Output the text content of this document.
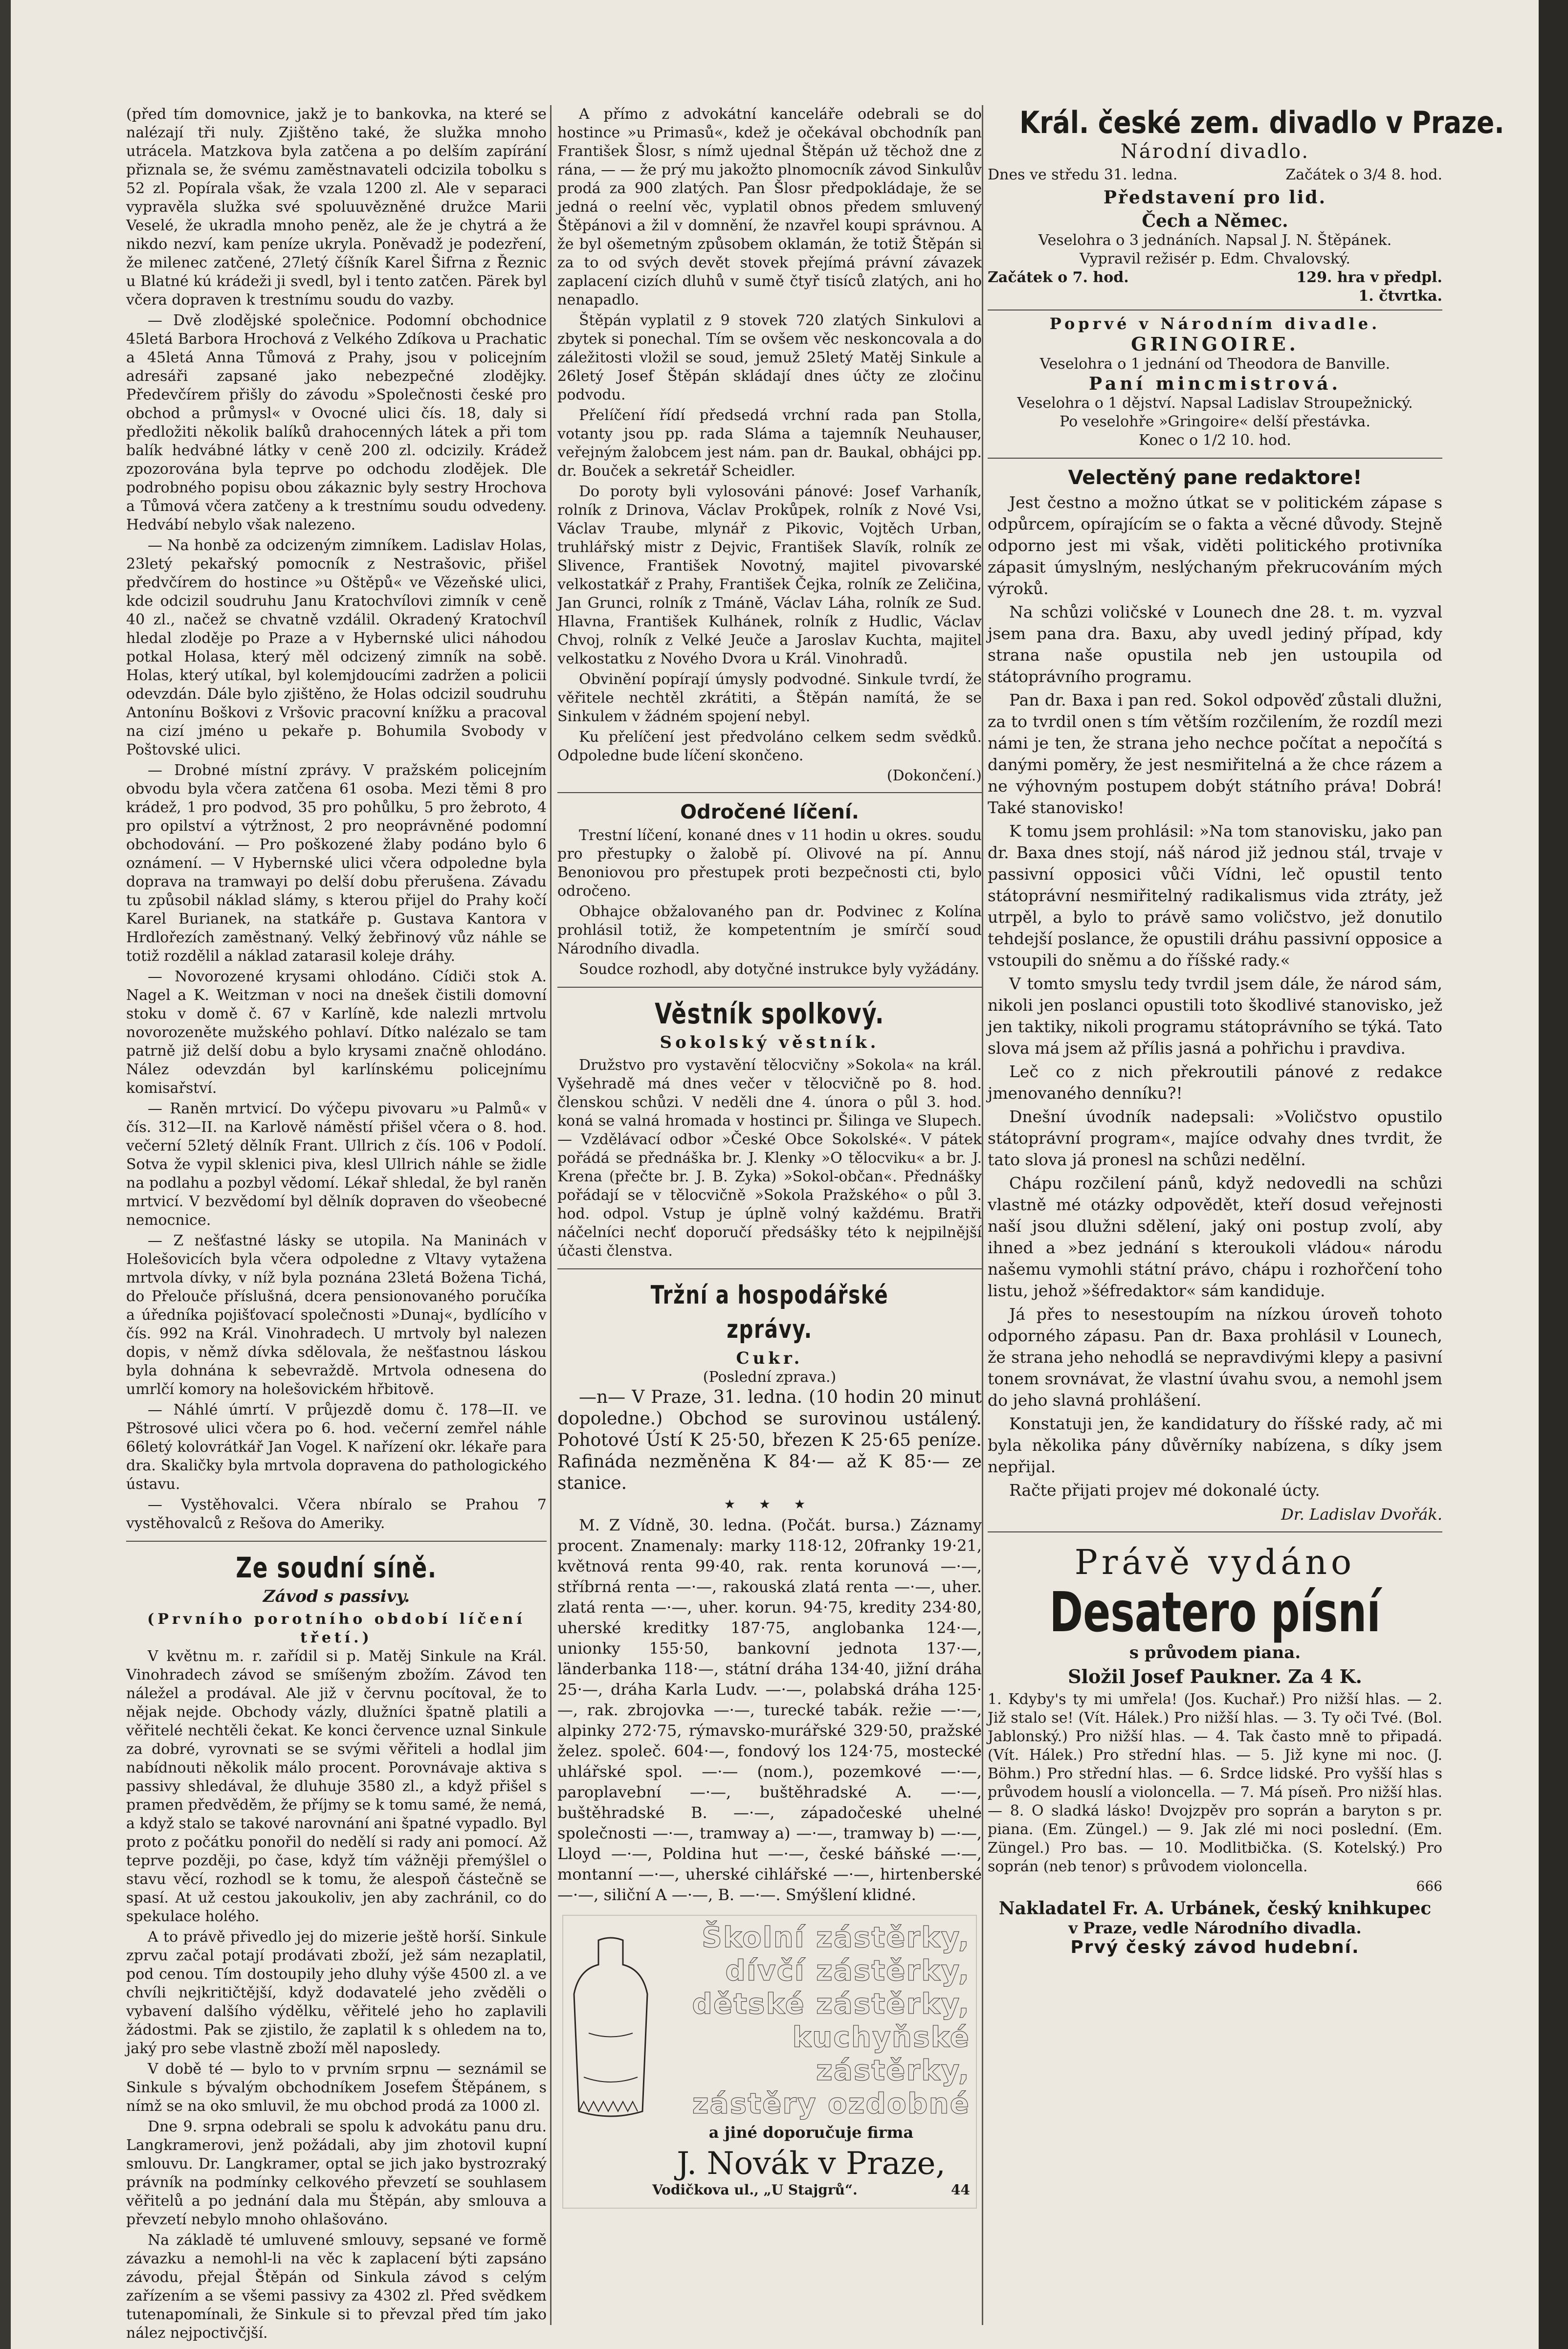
(před tím domovnice, jakž je to bankovka, na které se nalézají tři nuly. Zjištěno také, že služka mnoho utrácela. Matzkova byla zatčena a po delším zapírání přiznala se, že svému zaměstnavateli odcizila tobolku s 52 zl. Popírala však, že vzala 1200 zl. Ale v separaci vypravěla služka své spoluuvězněné družce Marii Veselé, že ukradla mnoho peněz, ale že je chytrá a že nikdo nezví, kam peníze ukryla. Poněvadž je podezření, že milenec zatčené, 27letý číšník Karel Šifrna z Řeznic u Blatné kú krádeži ji svedl, byl i tento zatčen. Pärek byl včera dopraven k trestnímu soudu do vazby.

— Dvě zlodějské společnice. Podomní obchodnice 45letá Barbora Hrochová z Velkého Zdíkova u Prachatic a 45letá Anna Tůmová z Prahy, jsou v policejním adresáři zapsané jako nebezpečné zlodějky. Předevčírem přišly do závodu »Společnosti české pro obchod a průmysl« v Ovocné ulici čís. 18, daly si předložiti několik balíků drahocenných látek a při tom balík hedvábné látky v ceně 200 zl. odcizily. Krádež zpozorována byla teprve po odchodu zlodějek. Dle podrobného popisu obou zákaznic byly sestry Hrochova a Tůmová včera zatčeny a k trestnímu soudu odvedeny. Hedvábí nebylo však nalezeno.

— Na honbě za odcizeným zimníkem. Ladislav Holas, 23letý pekařský pomocník z Nestrašovic, přišel předvčírem do hostince »u Oštěpů« ve Vězeňské ulici, kde odcizil soudruhu Janu Kratochvílovi zimník v ceně 40 zl., načež se chvatně vzdálil. Okradený Kratochvíl hledal zloděje po Praze a v Hybernské ulici náhodou potkal Holasa, který měl odcizený zimník na sobě. Holas, který utíkal, byl kolemjdoucími zadržen a policii odevzdán. Dále bylo zjištěno, že Holas odcizil soudruhu Antonínu Boškovi z Vršovic pracovní knížku a pracoval na cizí jméno u pekaře p. Bohumila Svobody v Poštovské ulici.

— Drobné místní zprávy. V pražském policejním obvodu byla včera zatčena 61 osoba. Mezi těmi 8 pro krádež, 1 pro podvod, 35 pro pohůlku, 5 pro žebroto, 4 pro opilství a výtržnost, 2 pro neoprávněné podomní obchodování. — Pro poškozené žlaby podáno bylo 6 oznámení. — V Hybernské ulici včera odpoledne byla doprava na tramwayi po delší dobu přerušena. Závadu tu způsobil náklad slámy, s kterou přijel do Prahy kočí Karel Burianek, na statkáře p. Gustava Kantora v Hrdlořezích zaměstnaný. Velký žebřinový vůz náhle se totiž rozdělil a náklad zatarasil koleje dráhy.

— Novorozené krysami ohlodáno. Cídiči stok A. Nagel a K. Weitzman v noci na dnešek čistili domovní stoku v domě č. 67 v Karlíně, kde nalezli mrtvolu novorozeněte mužského pohlaví. Dítko nalézalo se tam patrně již delší dobu a bylo krysami značně ohlodáno. Nález odevzdán byl karlínskému policejnímu komisařství.

— Raněn mrtvicí. Do výčepu pivovaru »u Palmů« v čís. 312—II. na Karlově náměstí přišel včera o 8. hod. večerní 52letý dělník Frant. Ullrich z čís. 106 v Podolí. Sotva že vypil sklenici piva, klesl Ullrich náhle se židle na podlahu a pozbyl vědomí. Lékař shledal, že byl raněn mrtvicí. V bezvědomí byl dělník dopraven do všeobecné nemocnice.

— Z nešťastné lásky se utopila. Na Maninách v Holešovicích byla včera odpoledne z Vltavy vytažena mrtvola dívky, v níž byla poznána 23letá Božena Tichá, do Přeloučе příslušná, dcera pensionovaného poručíka a úředníka pojišťovací společnosti »Dunaj«, bydlícího v čís. 992 na Král. Vinohradech. U mrtvoly byl nalezen dopis, v němž dívka sdělovala, že nešťastnou láskou byla dohnána k sebevraždě. Mrtvola odnesena do umrlčí komory na holešovickém hřbitově.

— Náhlé úmrtí. V průjezdě domu č. 178—II. ve Pštrosové ulici včera po 6. hod. večerní zemřel náhle 66letý kolovrátkář Jan Vogel. K nařízení okr. lékaře para dra. Skaličky byla mrtvola dopravena do pathologického ústavu.

— Vystěhovalci. Včera nbíralo se Prahou 7 vystěhovalců z Rešova do Ameriky.

Ze soudní síně.
Závod s passivy.
(Prvního porotního období líčení třetí.)

V květnu m. r. zařídil si p. Matěj Sinkule na Král. Vinohradech závod se smíšeným zbožím. Závod ten náležel a prodával. Ale již v červnu pocítoval, že to nějak nejde. Obchody vázly, dlužníci špatně platili a věřitelé nechtěli čekat. Ke konci července uznal Sinkule za dobré, vyrovnati se se svými věřiteli a hodlal jim nabídnouti několik málo procent. Porovnávaje aktiva s passivy shledával, že dluhuje 3580 zl., a když přišel s pramen předvěděm, že příjmy se k tomu samé, že nemá, a když stalo se takové narovnání ani špatné vypadlo. Byl proto z počátku ponořil do nedělí si rady ani pomocí. Až teprve později, po čase, když tím vážněji přemýšlel o stavu věcí, rozhodl se k tomu, že alespoň částečně se spasí. At už cestou jakoukoliv, jen aby zachránil, co do spekulace holého.

A to právě přivedlo jej do mizerie ještě horší. Sinkule zprvu začal potají prodávati zboží, jež sám nezaplatil, pod cenou. Tím dostoupily jeho dluhy výše 4500 zl. a ve chvíli nejkritičtější, když dodavatelé jeho zvěděli o vybavení dalšího výdělku, věřitelé jeho ho zaplavili žádostmi. Pak se zjistilo, že zaplatil k s ohledem na to, jaký pro sebe vlastně zboží měl naposledy.

V době té — bylo to v prvním srpnu — seznámil se Sinkule s bývalým obchodníkem Josefem Štěpánem, s nímž se na oko smluvil, že mu obchod prodá za 1000 zl.

Dne 9. srpna odebrali se spolu k advokátu panu dru. Langkramerovi, jenž požádali, aby jim zhotovil kupní smlouvu. Dr. Langkramer, optal se jich jako bystrozraký právník na podmínky celkového převzetí se souhlasem věřitelů a po jednání dala mu Štěpán, aby smlouva a převzetí nebylo mnoho ohlašováno.

Na základě té umluvené smlouvy, sepsané ve formě závazku a nemohl-li na věc k zaplacení býti zapsáno závodu, přejal Štěpán od Sinkula závod s celým zařízením a se všemi passivy za 4302 zl. Před svědkem tutenapomínali, že Sinkule si to převzal před tím jako nález nejpoctivčjší.

A přímo z advokátní kanceláře odebrali se do hostince »u Primasů«, kdež je očekával obchodník pan František Šlosr, s nímž ujednal Štěpán už těchož dne z rána, — — že prý mu jakožto plnomocník závod Sinkulův prodá za 900 zlatých. Pan Šlosr předpokládaje, že se jedná o reelní věc, vyplatil obnos předem smluvený Štěpánovi a žil v domnění, že nzavřel koupi správnou. A že byl ošemetným způsobem oklamán, že totiž Štěpán si za to od svých devět stovek přejímá právní závazek zaplacení cizích dluhů v sumě čtyř tisíců zlatých, ani ho nenapadlo.

Štěpán vyplatil z 9 stovek 720 zlatých Sinkulovi a zbytek si ponechal. Tím se ovšem věc neskoncovala a do záležitosti vložil se soud, jemuž 25letý Matěj Sinkule a 26letý Josef Štěpán skládají dnes účty ze zločinu podvodu.

Přelíčení řídí předsedá vrchní rada pan Stolla, votanty jsou pp. rada Sláma a tajemník Neuhauser, veřejným žalobcem jest nám. pan dr. Baukal, obhájci pp. dr. Bouček a sekretář Scheidler.

Do poroty byli vylosováni pánové: Josef Varhaník, rolník z Drinova, Václav Prokůpek, rolník z Nové Vsi, Václav Traube, mlynář z Pikovic, Vojtěch Urban, truhlářský mistr z Dejvic, František Slavík, rolník ze Slivence, František Novotný, majitel pivovarské velkostatkář z Prahy, František Čejka, rolník ze Zeličina, Jan Grunci, rolník z Tmáně, Václav Láha, rolník ze Sud. Hlavna, František Kulhánek, rolník z Hudlic, Václav Chvoj, rolník z Velké Jeuče a Jaroslav Kuchta, majitel velkostatku z Nového Dvora u Král. Vinohradů.

Obvinění popírají úmysly podvodné. Sinkule tvrdí, že věřitele nechtěl zkrátiti, a Štěpán namítá, že se Sinkulem v žádném spojení nebyl.

Ku přelíčení jest předvoláno celkem sedm svědků. Odpoledne bude líčení skončeno.

(Dokončení.)
Odročené líčení.

Trestní líčení, konané dnes v 11 hodin u okres. soudu pro přestupky o žalobě pí. Olivové na pí. Annu Benoniovou pro přestupek proti bezpečnosti cti, bylo odročeno.

Obhajce obžalovaného pan dr. Podvinec z Kolína prohlásil totiž, že kompetentním je smírčí soud Národního divadla.

Soudce rozhodl, aby dotyčné instrukce byly vyžádány.

Věstník spolkový.
Sokolský věstník.

Družstvo pro vystavění tělocvičny »Sokola« na král. Vyšehradě má dnes večer v tělocvičně po 8. hod. členskou schůzi. V neděli dne 4. února o půl 3. hod. koná se valná hromada v hostinci pr. Šilinga ve Slupech. — Vzdělávací odbor »České Obce Sokolské«. V pátek pořádá se přednáška br. J. Klenky »O tělocviku« a br. J. Krena (přečte br. J. B. Zyka) »Sokol-občan«. Přednášky pořádají se v tělocvičně »Sokola Pražského« o půl 3. hod. odpol. Vstup je úplně volný každému. Bratři náčelníci nechť doporučí předsášky této k nejpilnější účasti členstva.

Tržní a hospodářské zprávy.
Cukr.
(Poslední zprava.)

—n— V Praze, 31. ledna. (10 hodin 20 minut dopoledne.) Obchod se surovinou ustálený. Pohotové Ústí K 25·50, březen K 25·65 peníze. Rafináda nezměněna K 84·— až K 85·— ze stanice.

★ ★ ★

M. Z Vídně, 30. ledna. (Počát. bursa.) Záznamy procent. Znamenaly: marky 118·12, 20franky 19·21, květnová renta 99·40, rak. renta korunová —·—, stříbrná renta —·—, rakouská zlatá renta —·—, uher. zlatá renta —·—, uher. korun. 94·75, kredity 234·80, uherské kreditky 187·75, anglobanka 124·—, unionky 155·50, bankovní jednota 137·—, länderbanka 118·—, státní dráha 134·40, jižní dráha 25·—, dráha Karla Ludv. —·—, polabská dráha 125·—, rak. zbrojovka —·—, turecké tabák. režie —·—, alpinky 272·75, rýmavsko-murářské 329·50, pražské želez. společ. 604·—, fondový los 124·75, mostecké uhlářské spol. —·— (nom.), pozemkové —·—, paroplavební —·—, buštěhradské A. —·—, buštěhradské B. —·—, západočeské uhelné společnosti —·—, tramway a) —·—, tramway b) —·—, Lloyd —·—, Poldina hut —·—, české báňské —·—, montanní —·—, uherské cihlářské —·—, hirtenberské —·—, siliční A —·—, B. —·—. Smýšlení klidné.

Školní zástěrky,
dívčí zástěrky,
dětské zástěrky,
kuchyňské zástěrky,
zástěry ozdobné
a jiné doporučuje firma
J. Novák v Praze,
Vodičkova ul., „U Stajgrů“.	44
Král. české zem. divadlo v Praze.
Národní divadlo.
Dnes ve středu 31. ledna.	Začátek o 3/4 8. hod.
Představení pro lid.
Čech a Němec.
Veselohra o 3 jednáních. Napsal J. N. Štěpánek.
Vypravil režisér p. Edm. Chvalovský.
Začátek o 7. hod.	129. hra v předpl.
1. čtvrtka.
Poprvé v Národním divadle.
GRINGOIRE.
Veselohra o 1 jednání od Theodora de Banville.
Paní mincmistrová.
Veselohra o 1 dějství. Napsal Ladislav Stroupežnický.
Po veselohře »Gringoire« delší přestávka.
Konec o 1/2 10. hod.
Velectěný pane redaktore!

Jest čestno a možno útkat se v politickém zápase s odpůrcem, opírajícím se o fakta a věcné důvody. Stejně odporno jest mi však, viděti politického protivníka zápasit úmyslným, neslýchaným překrucováním mých výroků.

Na schůzi voličské v Lounech dne 28. t. m. vyzval jsem pana dra. Baxu, aby uvedl jediný případ, kdy strana naše opustila neb jen ustoupila od státoprávního programu.

Pan dr. Baxa i pan red. Sokol odpověď zůstali dlužni, za to tvrdil onen s tím větším rozčilením, že rozdíl mezi námi je ten, že strana jeho nechce počítat a nepočítá s danými poměry, že jest nesmiřitelná a že chce rázem a ne výhovným postupem dobýt státního práva! Dobrá! Také stanovisko!

K tomu jsem prohlásil: »Na tom stanovisku, jako pan dr. Baxa dnes stojí, náš národ již jednou stál, trvaje v passivní opposici vůči Vídni, leč opustil tento státoprávní nesmiřitelný radikalismus vida ztráty, jež utrpěl, a bylo to právě samo voličstvo, jež donutilo tehdejší poslance, že opustili dráhu passivní opposice a vstoupili do sněmu a do říšské rady.«

V tomto smyslu tedy tvrdil jsem dále, že národ sám, nikoli jen poslanci opustili toto škodlivé stanovisko, jež jen taktiky, nikoli programu státoprávního se týká. Tato slova má jsem až přílis jasná a pohřichu i pravdiva.

Leč co z nich překroutili pánové z redakce jmenovaného denníku?!

Dnešní úvodník nadepsali: »Voličstvo opustilo státoprávní program«, majíce odvahy dnes tvrdit, že tato slova já pronesl na schůzi nedělní.

Chápu rozčilení pánů, když nedovedli na schůzi vlastně mé otázky odpovědět, kteří dosud veřejnosti naší jsou dlužni sdělení, jaký oni postup zvolí, aby ihned a »bez jednání s kteroukoli vládou« národu našemu vymohli státní právo, chápu i rozhořčení toho listu, jehož »šéfredaktor« sám kandiduje.

Já přes to nesestoupím na nízkou úroveň tohoto odporného zápasu. Pan dr. Baxa prohlásil v Lounech, že strana jeho nehodlá se nepravdivými klepy a pasivní tonem srovnávat, že vlastní úvahu svou, a nemohl jsem do jeho slavná prohlášení.

Konstatuji jen, že kandidatury do říšské rady, ač mi byla několika pány důvěrníky nabízena, s díky jsem nepřijal.

Račte přijati projev mé dokonalé úcty.

Dr. Ladislav Dvořák.
Právě vydáno
Desatero písní
s průvodem piana.
Složil Josef Paukner. Za 4 K.

1. Kdyby's ty mi umřela! (Jos. Kuchař.) Pro nižší hlas. — 2. Již stalo se! (Vít. Hálek.) Pro nižší hlas. — 3. Ty oči Tvé. (Bol. Jablonský.) Pro nižší hlas. — 4. Tak často mně to připadá. (Vít. Hálek.) Pro střední hlas. — 5. Již kyne mi noc. (J. Böhm.) Pro střední hlas. — 6. Srdce lidské. Pro vyšší hlas s průvodem houslí a violoncella. — 7. Má píseň. Pro nižší hlas. — 8. O sladká lásko! Dvojzpěv pro soprán a baryton s pr. piana. (Em. Züngel.) — 9. Jak zlé mi noci poslední. (Em. Züngel.) Pro bas. — 10. Modlitbička. (S. Kotelský.) Pro soprán (neb tenor) s průvodem violoncella.

666
Nakladatel Fr. A. Urbánek, český knihkupec
v Praze, vedle Národního divadla.
Prvý český závod hudební.
